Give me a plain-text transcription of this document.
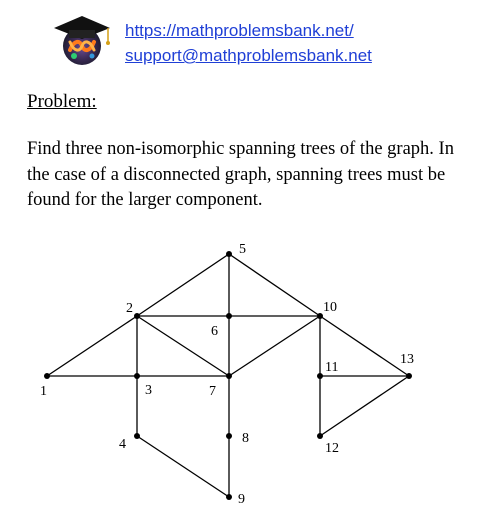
https://mathproblemsbank.net/
support@mathproblemsbank.net
Problem:
Find three non-isomorphic spanning trees of the graph. In the case of a disconnected graph, spanning trees must be found for the larger component.
1
2
3
4
5
6
7
8
9
10
11
12
13
